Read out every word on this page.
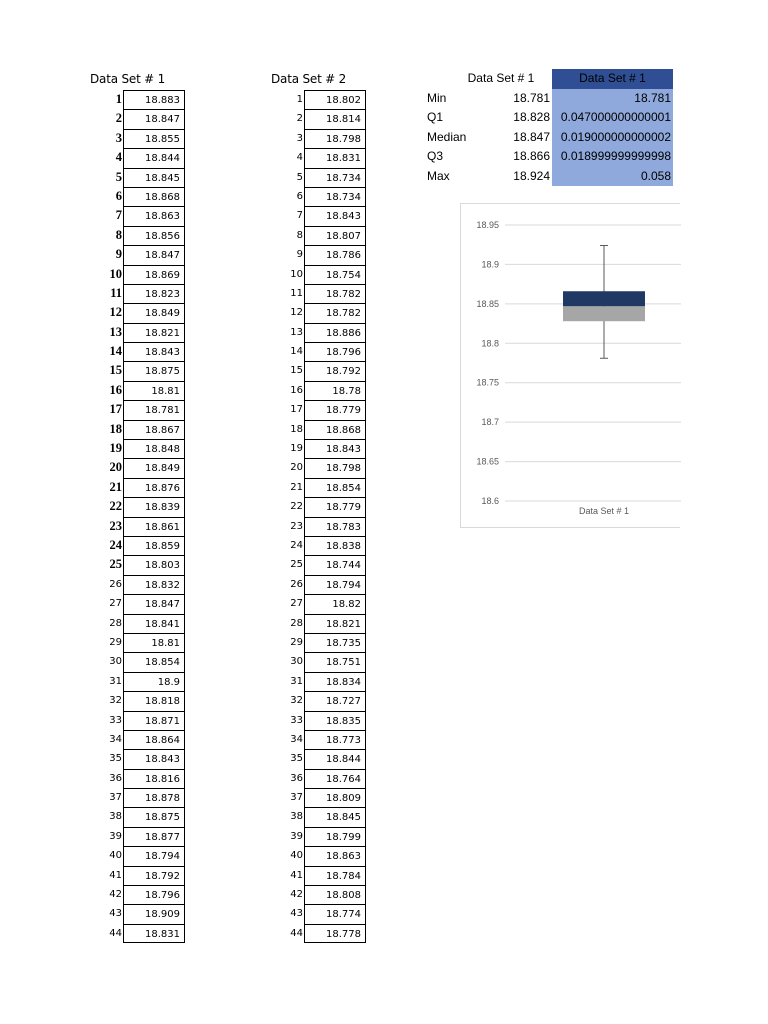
Data Set # 1
1	18.883
2	18.847
3	18.855
4	18.844
5	18.845
6	18.868
7	18.863
8	18.856
9	18.847
10	18.869
11	18.823
12	18.849
13	18.821
14	18.843
15	18.875
16	18.81
17	18.781
18	18.867
19	18.848
20	18.849
21	18.876
22	18.839
23	18.861
24	18.859
25	18.803
26	18.832
27	18.847
28	18.841
29	18.81
30	18.854
31	18.9
32	18.818
33	18.871
34	18.864
35	18.843
36	18.816
37	18.878
38	18.875
39	18.877
40	18.794
41	18.792
42	18.796
43	18.909
44	18.831
Data Set # 2
1	18.802
2	18.814
3	18.798
4	18.831
5	18.734
6	18.734
7	18.843
8	18.807
9	18.786
10	18.754
11	18.782
12	18.782
13	18.886
14	18.796
15	18.792
16	18.78
17	18.779
18	18.868
19	18.843
20	18.798
21	18.854
22	18.779
23	18.783
24	18.838
25	18.744
26	18.794
27	18.82
28	18.821
29	18.735
30	18.751
31	18.834
32	18.727
33	18.835
34	18.773
35	18.844
36	18.764
37	18.809
38	18.845
39	18.799
40	18.863
41	18.784
42	18.808
43	18.774
44	18.778
Data Set # 1	Data Set # 1
Min	18.781	18.781
Q1	18.828 0.047000000000001
Median	18.847 0.019000000000002
Q3	18.866 0.018999999999998
Max	18.924	0.058
18.95
18.9
18.85
18.8
18.75
18.7
18.65
18.6
Data Set # 1
